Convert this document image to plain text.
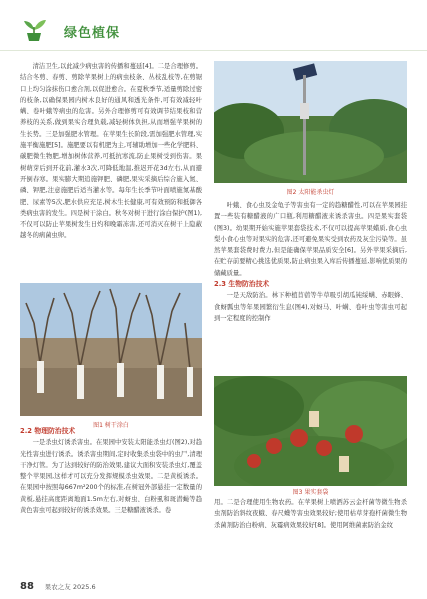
绿色植保

清洁卫生,以此减少病虫害的传播和蔓延[4]。二是合理修剪。结合冬剪、春剪、剪除苹果树上的病虫枝条、丛枝乱枝等,在剪锯口上均匀涂抹伤口愈合剂,以促进愈合。在夏秋季节,适量剪除过密的枝条,以确保果园内树木良好的通风和透光条件,可有效减轻叶螨、卷叶蛾等病虫的危害。另外合理修剪可有效调节结果枝和营养枝的关系,做到果实合理负载,减轻树体负担,从而增强苹果树的生长势。三是加强肥水管理。在苹果生长阶段,需加强肥水管理,实施平衡施肥[5]。施肥要以有机肥为主,可辅助增加一些化学肥料、碳肥微生物肥,增加树体营养,可抵抗寒流,防止果树受到伤害。果树萌芽后到开花前,灌水3次,可降低地温,推迟开花3d左右,从而避开倒春寒。果实膨大期追施钾肥、磷肥,果实采摘后综合施入氮、磷、钾肥,注意施肥后适当灌水等。每年生长季节叶面喷施氮基酸肥、尿素等5次,肥水供应充足,树木生长健康,可有效预防和抵御各类病虫害的发生。四是树干涂白。秋冬对树干进行涂白保护(图1),不仅可以防止苹果树发生日灼和晚霜冻害,还可消灭在树干上隐蔽越冬的病菌虫卵。

图1 树干涂白
2.2 物理防治技术

一是杀虫灯诱杀害虫。在果园中安装太阳能杀虫灯(图2),对趋光性害虫进行诱杀。诱杀害虫期间,定时收集杀虫袋中的虫尸,清理干净灯管。为了达到较好的防治效果,建议大面积安装杀虫灯,覆盖整个苹果园,这样才可以充分发挥规模杀虫效果。二是黄板诱杀。在果园中按照每667m²200个的标准,在树冠外部悬挂一定数量的黄板,悬挂高度距离地面1.5m左右,对蚜虫、白粉虱和斑潜蝇等趋黄色害虫可起到较好的诱杀效果。三是糖醋液诱杀。卷

图2 太阳能杀虫灯

叶蛾、食心虫及金龟子等害虫有一定的趋糖醋性,可以在苹果园挂置一些装有糖醋液的广口瓶,利用糖醋液来诱杀害虫。四是果实套袋(图3)。幼果期开始实施苹果套袋技术,不仅可以提高苹果蜡质,食心虫梨小食心虫等对果实的危害,还可避免果实受到农药及灰尘污染等。虽然苹果套袋费时费力,但是能确保苹果品质安全[6]。另外苹果采摘后,在贮存前要精心挑选优质果,防止病虫果入库后传播蔓延,影响优质果的储藏质量。

2.3 生物防治技术

一是天敌防治。林下种植苜蓿等牛草吸引胡瓜钝绥螨、赤眼蜂、食蚜瓢虫等年果园繁衍生息(图4),对蚜马、叶螨、卷叶虫等害虫可起到一定程度的控制作

图3 果实套袋

用。二是合理使用生物农药。在苹果树上喷洒苏云金杆菌等微生物杀虫剂防治斜纹夜蛾、春尺蠖等害虫效果较好;使用枯草芽孢杆菌微生物杀菌剂防治白粉病、灰霉病效果较好[8]。使用阿维菌素防治金纹

88 果农之友 2025.6
